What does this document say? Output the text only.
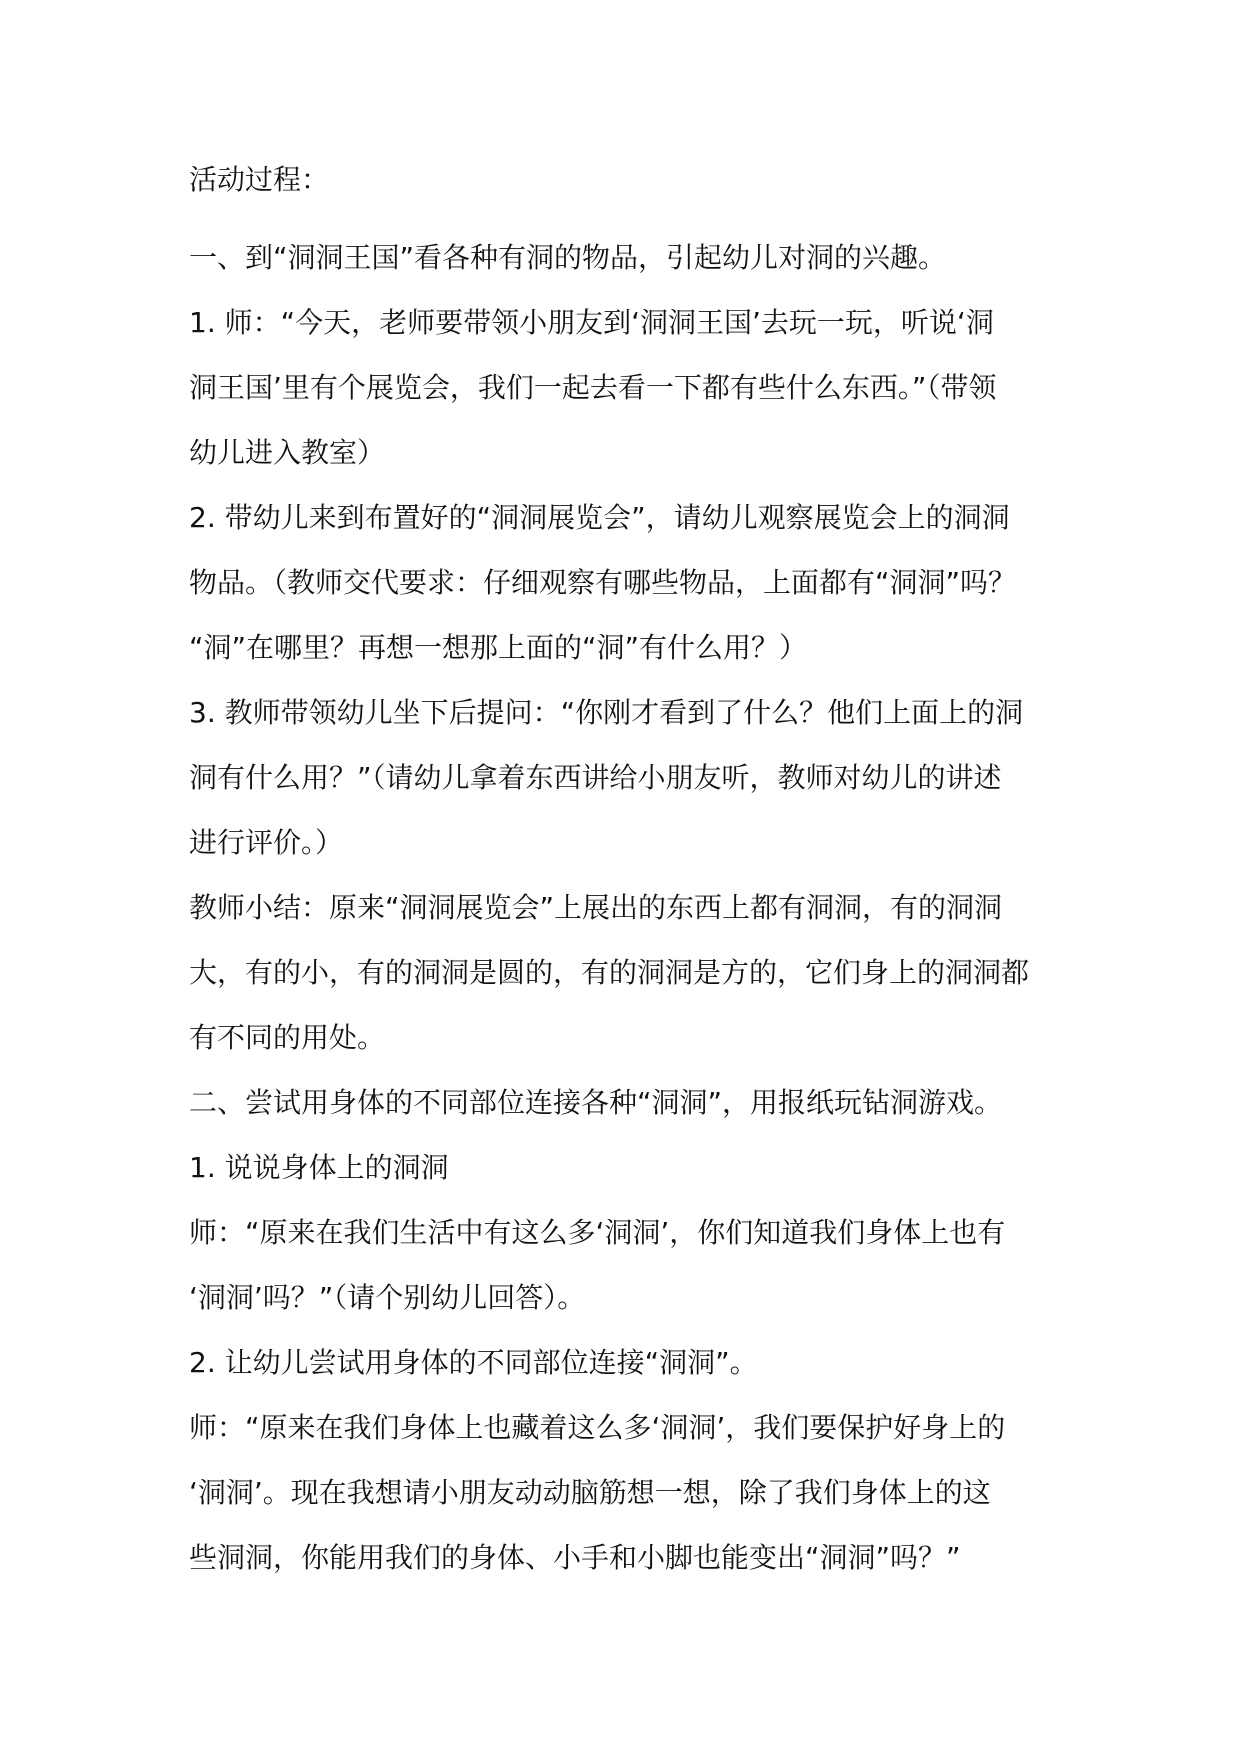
活动过程：
一、到“洞洞王国”看各种有洞的物品，引起幼儿对洞的兴趣。
1. 师：“今天，老师要带领小朋友到‘洞洞王国’去玩一玩，听说‘洞
洞王国’里有个展览会，我们一起去看一下都有些什么东西。”（带领
幼儿进入教室）
2. 带幼儿来到布置好的“洞洞展览会”，请幼儿观察展览会上的洞洞
物品。（教师交代要求：仔细观察有哪些物品，上面都有“洞洞”吗？
“洞”在哪里？再想一想那上面的“洞”有什么用？）
3. 教师带领幼儿坐下后提问：“你刚才看到了什么？他们上面上的洞
洞有什么用？”（请幼儿拿着东西讲给小朋友听，教师对幼儿的讲述
进行评价。）
教师小结：原来“洞洞展览会”上展出的东西上都有洞洞，有的洞洞
大，有的小，有的洞洞是圆的，有的洞洞是方的，它们身上的洞洞都
有不同的用处。
二、尝试用身体的不同部位连接各种“洞洞”，用报纸玩钻洞游戏。
1. 说说身体上的洞洞
师：“原来在我们生活中有这么多‘洞洞’，你们知道我们身体上也有
‘洞洞’吗？”（请个别幼儿回答）。
2. 让幼儿尝试用身体的不同部位连接“洞洞”。
师：“原来在我们身体上也藏着这么多‘洞洞’，我们要保护好身上的
‘洞洞’。现在我想请小朋友动动脑筋想一想，除了我们身体上的这
些洞洞，你能用我们的身体、小手和小脚也能变出“洞洞”吗？”
